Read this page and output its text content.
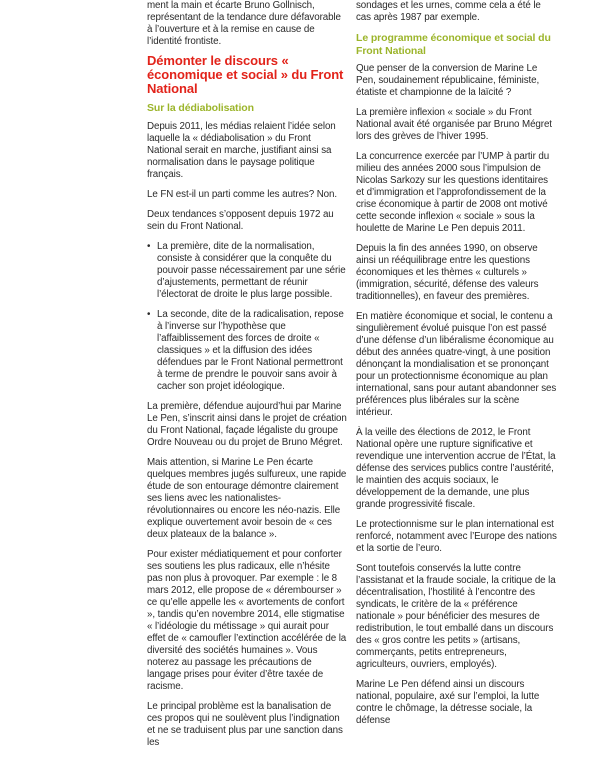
ment la main et écarte Bruno Gollnisch, représentant de la tendance dure défavorable à l’ouverture et à la remise en cause de l’identité frontiste.

Démonter le discours « économique et social » du Front National
Sur la dédiabolisation

Depuis 2011, les médias relaient l’idée selon laquelle la « dédiabolisation » du Front National serait en marche, justifiant ainsi sa normalisation dans le paysage politique français.

Le FN est-il un parti comme les autres? Non.

Deux tendances s’opposent depuis 1972 au sein du Front National.

• La première, dite de la normalisation, consiste à considérer que la conquête du pouvoir passe nécessairement par une série d’ajustements, permettant de réunir l’électorat de droite le plus large possible.

• La seconde, dite de la radicalisation, repose à l’inverse sur l’hypothèse que l’affaiblissement des forces de droite « classiques » et la diffusion des idées défendues par le Front National permettront à terme de prendre le pouvoir sans avoir à cacher son projet idéologique.

La première, défendue aujourd’hui par Marine Le Pen, s’inscrit ainsi dans le projet de création du Front National, façade légaliste du groupe Ordre Nouveau ou du projet de Bruno Mégret.

Mais attention, si Marine Le Pen écarte quelques membres jugés sulfureux, une rapide étude de son entourage démontre clairement ses liens avec les nationalistes-révolutionnaires ou encore les néo-nazis. Elle explique ouvertement avoir besoin de « ces deux plateaux de la balance ».

Pour exister médiatiquement et pour conforter ses soutiens les plus radicaux, elle n’hésite pas non plus à provoquer. Par exemple : le 8 mars 2012, elle propose de « dérembourser » ce qu’elle appelle les « avortements de confort », tandis qu’en novembre 2014, elle stigmatise « l’idéologie du métissage » qui aurait pour effet de « camoufler l’extinction accélérée de la diversité des sociétés humaines ». Vous noterez au passage les précautions de langage prises pour éviter d’être taxée de racisme.

Le principal problème est la banalisation de ces propos qui ne soulèvent plus l’indignation et ne se traduisent plus par une sanction dans les

sondages et les urnes, comme cela a été le cas après 1987 par exemple.

Le programme économique et social du Front National

Que penser de la conversion de Marine Le Pen, soudainement républicaine, féministe, étatiste et championne de la laïcité ?

La première inflexion « sociale » du Front National avait été organisée par Bruno Mégret lors des grèves de l’hiver 1995.

La concurrence exercée par l’UMP à partir du milieu des années 2000 sous l’impulsion de Nicolas Sarkozy sur les questions identitaires et d’immigration et l’approfondissement de la crise économique à partir de 2008 ont motivé cette seconde inflexion « sociale » sous la houlette de Marine Le Pen depuis 2011.

Depuis la fin des années 1990, on observe ainsi un rééquilibrage entre les questions économiques et les thèmes « culturels » (immigration, sécurité, défense des valeurs traditionnelles), en faveur des premières.

En matière économique et social, le contenu a singulièrement évolué puisque l’on est passé d’une défense d’un libéralisme économique au début des années quatre-vingt, à une position dénonçant la mondialisation et se prononçant pour un protectionnisme économique au plan international, sans pour autant abandonner ses préférences plus libérales sur la scène intérieur.

À la veille des élections de 2012, le Front National opère une rupture significative et revendique une intervention accrue de l’État, la défense des services publics contre l’austérité, le maintien des acquis sociaux, le développement de la demande, une plus grande progressivité fiscale.

Le protectionnisme sur le plan international est renforcé, notamment avec l’Europe des nations et la sortie de l’euro.

Sont toutefois conservés la lutte contre l’assistanat et la fraude sociale, la critique de la décentralisation, l’hostilité à l’encontre des syndicats, le critère de la « préférence nationale » pour bénéficier des mesures de redistribution, le tout emballé dans un discours des « gros contre les petits » (artisans, commerçants, petits entrepreneurs, agriculteurs, ouvriers, employés).

Marine Le Pen défend ainsi un discours national, populaire, axé sur l’emploi, la lutte contre le chômage, la détresse sociale, la défense
